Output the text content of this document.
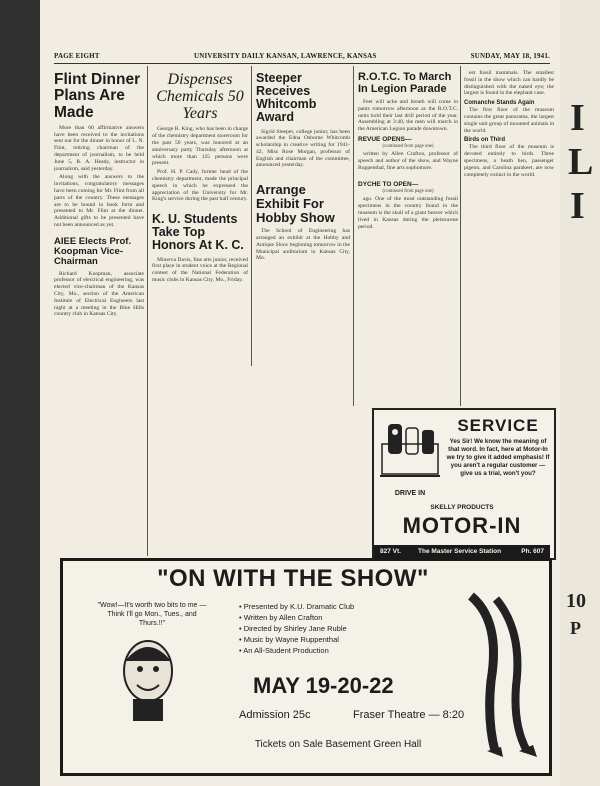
PAGE EIGHT	UNIVERSITY DAILY KANSAN, LAWRENCE, KANSAS	SUNDAY, MAY 18, 1941.
Flint Dinner Plans Are Made

More than 60 affirmative answers have been received to the invitations sent out for the dinner in honor of L. N. Flint, retiring chairman of the department of journalism, to be held June 5, R. A. Heady, instructor in journalism, said yesterday.

Along with the answers to the invitations, congratulatory messages have been coming for Mr. Flint from all parts of the country. These messages are to be bound in book form and presented to Mr. Flint at the dinner. Additional gifts to be presented have not been announced as yet.

AIEE Elects Prof. Koopman Vice-Chairman

Richard Koopman, associate professor of electrical engineering, was elected vice-chairman of the Kansas City, Mo., section of the American Institute of Electrical Engineers last night at a meeting in the Blue Hills country club in Kansas City.

Dispenses Chemicals 50 Years

George R. King, who has been in charge of the chemistry department storeroom for the past 50 years, was honored at an anniversary party Thursday afternoon at which more than 125 persons were present.

Prof. H. P. Cady, former head of the chemistry department, made the principal speech in which he expressed the appreciation of the University for Mr. King's service during the past half century.

K. U. Students Take Top Honors At K. C.

Minerva Davis, fine arts junior, received first place in student voice at the Regional contest of the National Federation of music clubs in Kansas City, Mo., Friday.

Steeper Receives Whitcomb Award

Sigrid Steeper, college junior, has been awarded the Edna Osborne Whitcomb scholarship in creative writing for 1941-42, Miss Rose Morgan, professor of English and chairman of the committee, announced yesterday.

Arrange Exhibit For Hobby Show

The School of Engineering has arranged an exhibit at the Hobby and Antique Show beginning tomorrow in the Municipal auditorium in Kansas City, Mo.

R.O.T.C. To March In Legion Parade

Feet will ache and breath will come in pants tomorrow afternoon as the R.O.T.C. units hold their last drill period of the year. Assembling at 3:40, the men will march in the American Legion parade downtown.

REVUE OPENS—
(continued from page one)

written by Allen Crafton, professor of speech and author of the show, and Wayne Ruppenthal, fine arts sophomore.

DYCHE TO OPEN—
(continued from page one)

ago. One of the most outstanding fossil specimens in the country found in the museum is the skull of a giant beaver which lived in Kansas during the pleistocene period.

est fossil mammals. The smallest fossil in the show which can hardly be distinguished with the naked eye; the largest is found in the elephant case.

Comanche Stands Again

The first floor of the museum contains the great panorama, the largest single unit group of mounted animals in the world.

Birds on Third

The third floor of the museum is devoted entirely to birds. Three specimens, a heath hen, passenger pigeon, and Carolina parakeet, are now completely extinct in the world.

DRIVE IN
SERVICE
Yes Sir! We know the meaning of that word. In fact, here at Motor-In we try to give it added emphasis! If you aren't a regular customer — give us a trial, won't you?
SKELLY PRODUCTS
MOTOR-IN
827 Vt.	The Master Service Station	Ph. 607
"ON WITH THE SHOW"
"Wow!—It's worth two bits to me — Think I'll go Mon., Tues., and Thurs.!!"
• Presented by K.U. Dramatic Club
• Written by Allen Crafton
• Directed by Shirley Jane Ruble
• Music by Wayne Ruppenthal
• An All-Student Production
MAY 19-20-22
Admission 25c	Fraser Theatre — 8:20
Tickets on Sale Basement Green Hall
I
L
I
10
P
